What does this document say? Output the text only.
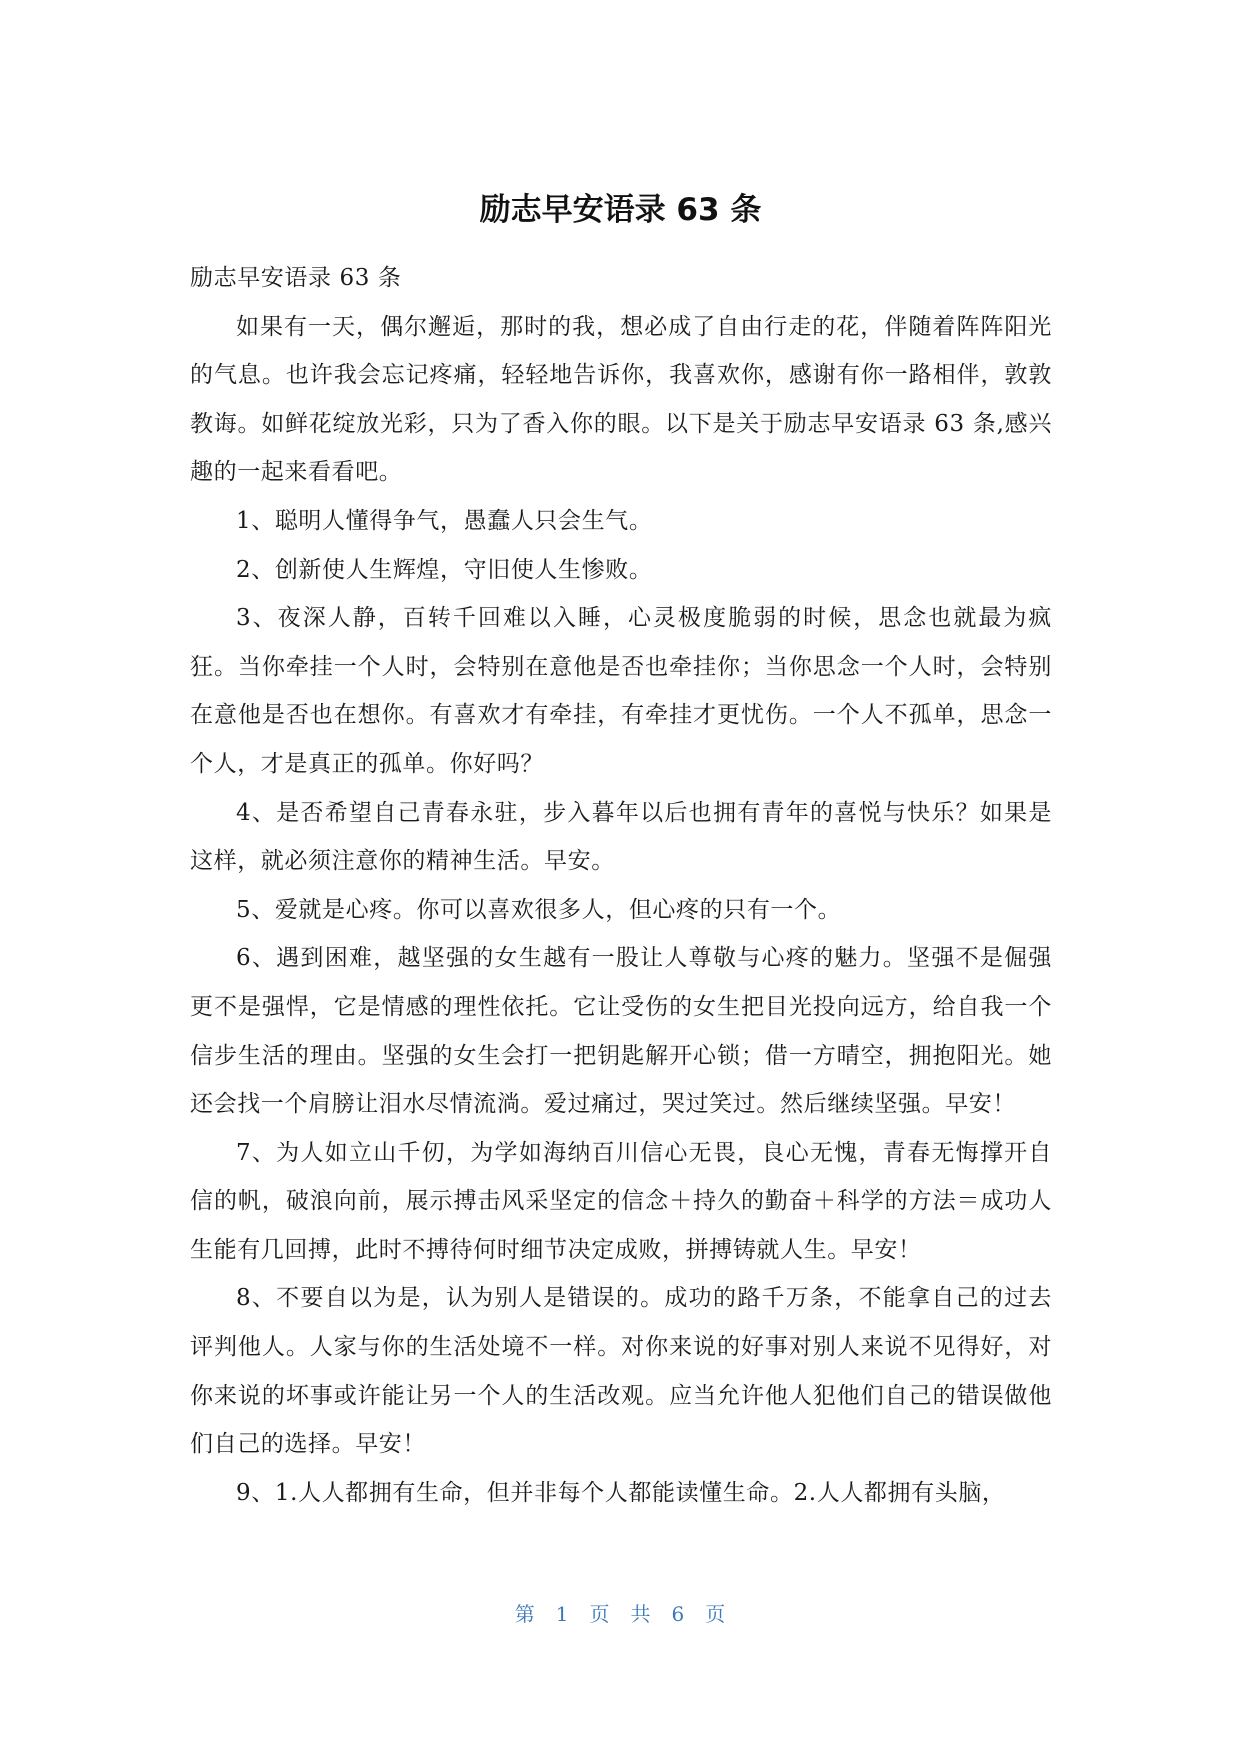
励志早安语录 63 条

励志早安语录 63 条

如果有一天，偶尔邂逅，那时的我，想必成了自由行走的花，伴随着阵阵阳光的气息。也许我会忘记疼痛，轻轻地告诉你，我喜欢你，感谢有你一路相伴，敦敦教诲。如鲜花绽放光彩，只为了香入你的眼。以下是关于励志早安语录 63 条,感兴趣的一起来看看吧。

1、聪明人懂得争气，愚蠢人只会生气。

2、创新使人生辉煌，守旧使人生惨败。

3、夜深人静，百转千回难以入睡，心灵极度脆弱的时候，思念也就最为疯狂。当你牵挂一个人时，会特别在意他是否也牵挂你；当你思念一个人时，会特别在意他是否也在想你。有喜欢才有牵挂，有牵挂才更忧伤。一个人不孤单，思念一个人，才是真正的孤单。你好吗？

4、是否希望自己青春永驻，步入暮年以后也拥有青年的喜悦与快乐？如果是这样，就必须注意你的精神生活。早安。

5、爱就是心疼。你可以喜欢很多人，但心疼的只有一个。

6、遇到困难，越坚强的女生越有一股让人尊敬与心疼的魅力。坚强不是倔强更不是强悍，它是情感的理性依托。它让受伤的女生把目光投向远方，给自我一个信步生活的理由。坚强的女生会打一把钥匙解开心锁；借一方晴空，拥抱阳光。她还会找一个肩膀让泪水尽情流淌。爱过痛过，哭过笑过。然后继续坚强。早安！

7、为人如立山千仞，为学如海纳百川信心无畏，良心无愧，青春无悔撑开自信的帆，破浪向前，展示搏击风采坚定的信念＋持久的勤奋＋科学的方法＝成功人生能有几回搏，此时不搏待何时细节决定成败，拼搏铸就人生。早安！

8、不要自以为是，认为别人是错误的。成功的路千万条，不能拿自己的过去评判他人。人家与你的生活处境不一样。对你来说的好事对别人来说不见得好，对你来说的坏事或许能让另一个人的生活改观。应当允许他人犯他们自己的错误做他们自己的选择。早安！

9、1.人人都拥有生命，但并非每个人都能读懂生命。2.人人都拥有头脑，

第 1 页 共 6 页
